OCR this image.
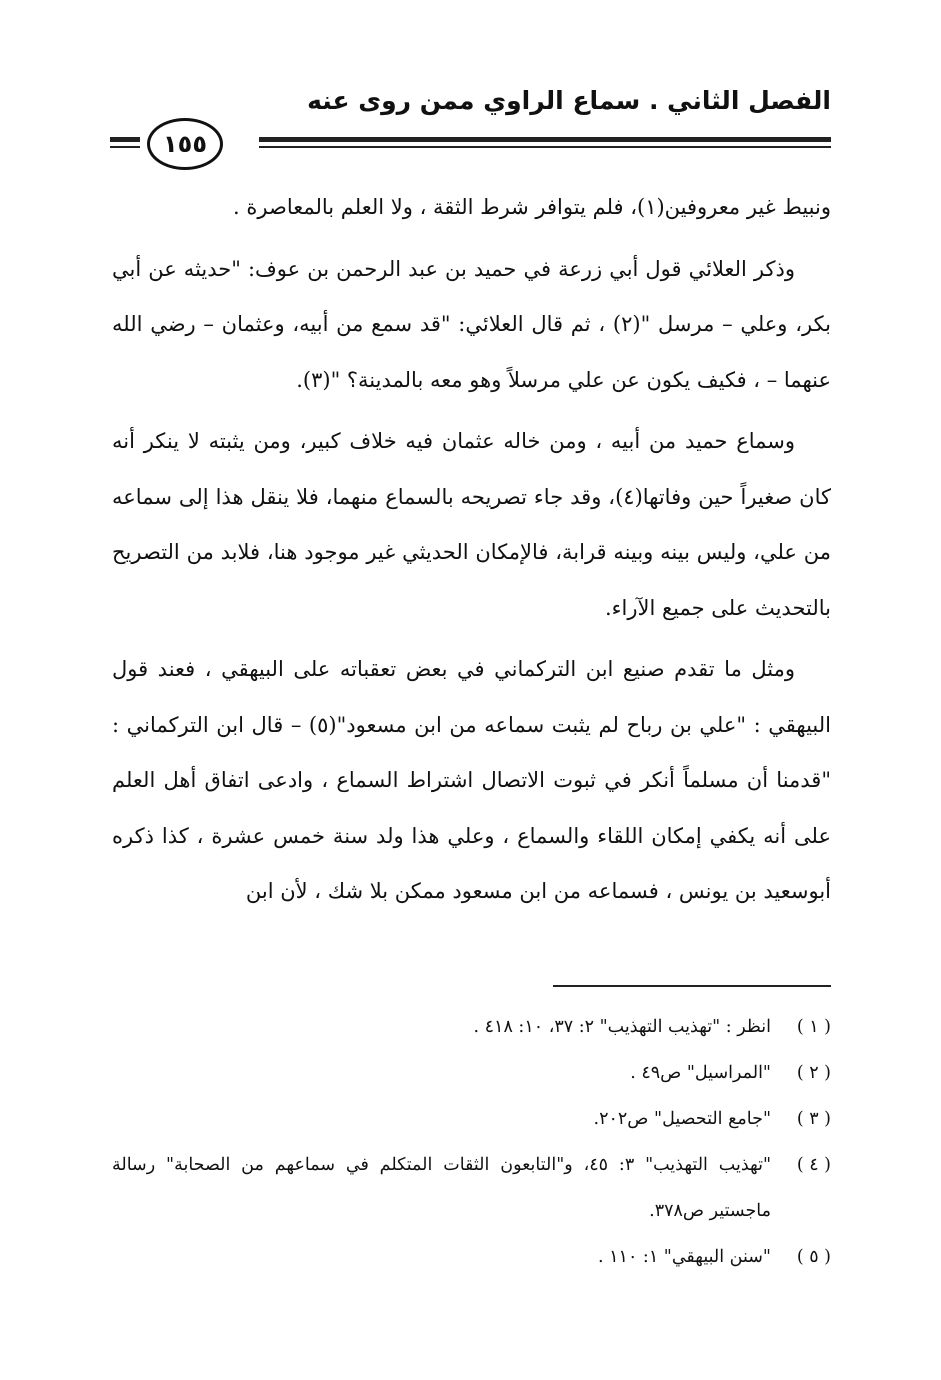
الفصل الثاني . سماع الراوي ممن روى عنه
١٥٥

ونبيط غير معروفين(١)، فلم يتوافر شرط الثقة ، ولا العلم بالمعاصرة .

وذكر العلائي قول أبي زرعة في حميد بن عبد الرحمن بن عوف: "حديثه عن أبي بكر، وعلي – مرسل "(٢) ، ثم قال العلائي: "قد سمع من أبيه، وعثمان – رضي الله عنهما – ، فكيف يكون عن علي مرسلاً وهو معه بالمدينة؟ "(٣).

وسماع حميد من أبيه ، ومن خاله عثمان فيه خلاف كبير، ومن يثبته لا ينكر أنه كان صغيراً حين وفاتها(٤)، وقد جاء تصريحه بالسماع منهما، فلا ينقل هذا إلى سماعه من علي، وليس بينه وبينه قرابة، فالإمكان الحديثي غير موجود هنا، فلابد من التصريح بالتحديث على جميع الآراء.

ومثل ما تقدم صنيع ابن التركماني في بعض تعقباته على البيهقي ، فعند قول البيهقي : "علي بن رباح لم يثبت سماعه من ابن مسعود"(٥) – قال ابن التركماني : "قدمنا أن مسلماً أنكر في ثبوت الاتصال اشتراط السماع ، وادعى اتفاق أهل العلم على أنه يكفي إمكان اللقاء والسماع ، وعلي هذا ولد سنة خمس عشرة ، كذا ذكره أبوسعيد بن يونس ، فسماعه من ابن مسعود ممكن بلا شك ، لأن ابن

( ١ )
انظر : "تهذيب التهذيب" ٢: ٣٧، ١٠: ٤١٨ .
( ٢ )
"المراسيل" ص٤٩ .
( ٣ )
"جامع التحصيل" ص٢٠٢.
( ٤ )
"تهذيب التهذيب" ٣: ٤٥، و"التابعون الثقات المتكلم في سماعهم من الصحابة" رسالة ماجستير ص٣٧٨.
( ٥ )
"سنن البيهقي" ١: ١١٠ .
